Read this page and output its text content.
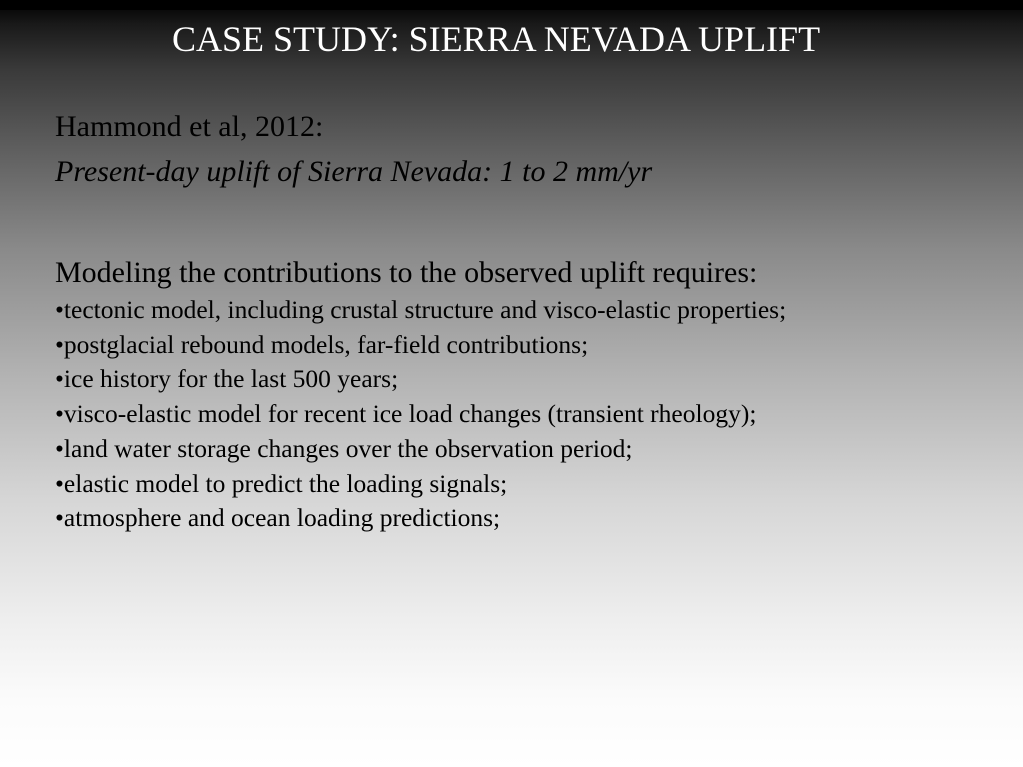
CASE STUDY: SIERRA NEVADA UPLIFT
Hammond et al, 2012:
Present-day uplift of Sierra Nevada: 1 to 2 mm/yr
Modeling the contributions to the observed uplift requires:
•tectonic model, including crustal structure and visco-elastic properties;
•postglacial rebound models, far-field contributions;
•ice history for the last 500 years;
•visco-elastic model for recent ice load changes (transient rheology);
•land water storage changes over the observation period;
•elastic model to predict the loading signals;
•atmosphere and ocean loading predictions;
